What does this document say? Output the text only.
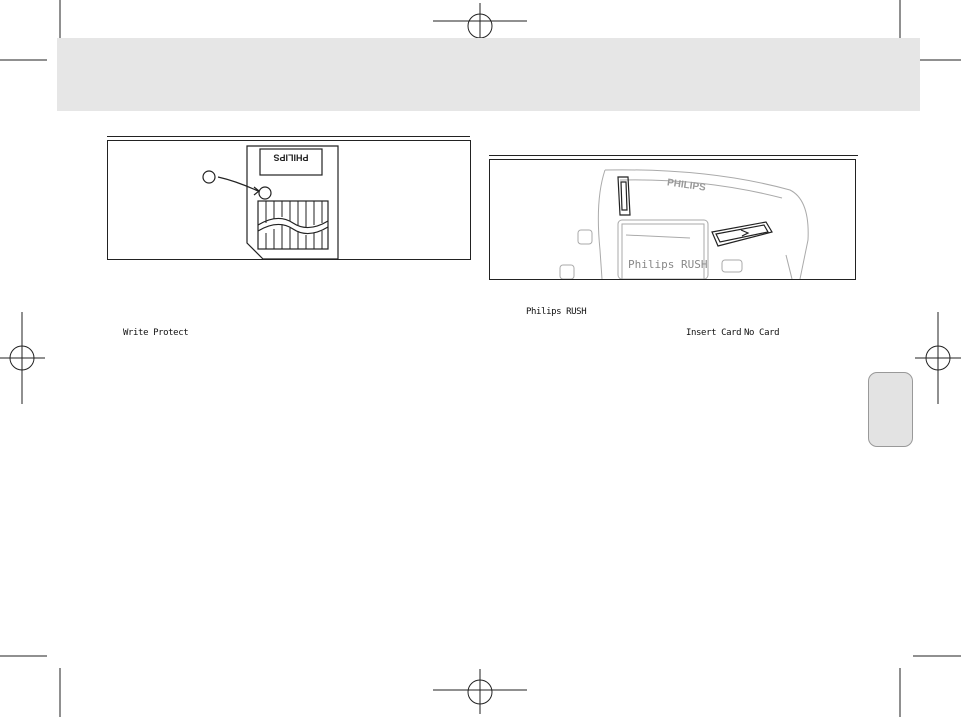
PHILIPS
Write Protect
PHILIPS
Philips RUSH
Philips RUSH
Insert Card No Card
